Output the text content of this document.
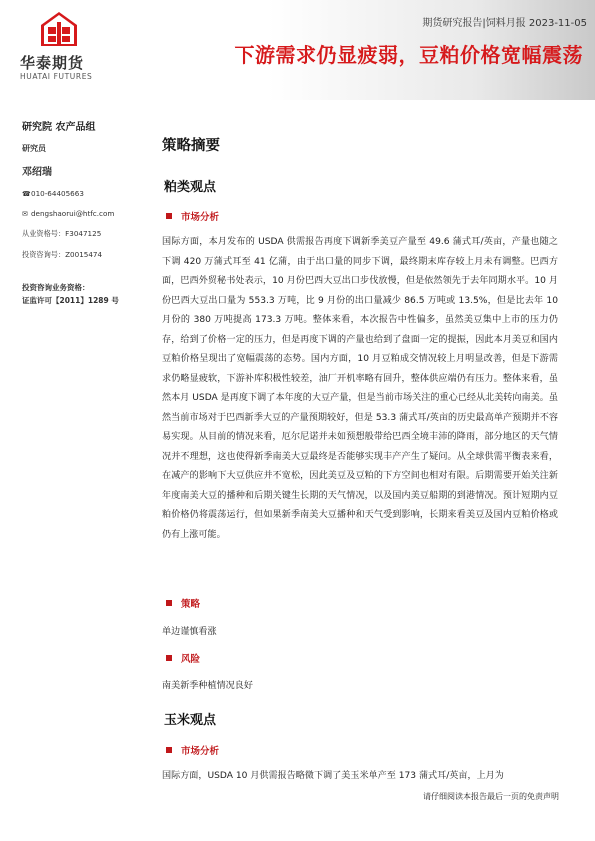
华泰期货
HUATAI FUTURES
期货研究报告|饲料月报 2023-11-05
下游需求仍显疲弱，豆粕价格宽幅震荡
研究院 农产品组
研究员
邓绍瑞
☎ 010-64405663
✉ dengshaorui@htfc.com
从业资格号：F3047125
投资咨询号：Z0015474
投资咨询业务资格：
证监许可【2011】1289 号
策略摘要
粕类观点
市场分析
国际方面，本月发布的 USDA 供需报告再度下调新季美豆产量至 49.6 蒲式耳/英亩，产量也随之下调 420 万蒲式耳至 41 亿蒲，由于出口量的同步下调，最终期末库存较上月未有调整。巴西方面，巴西外贸秘书处表示，10 月份巴西大豆出口步伐放慢，但是依然领先于去年同期水平。10 月份巴西大豆出口量为 553.3 万吨，比 9 月份的出口量减少 86.5 万吨或 13.5%，但是比去年 10 月份的 380 万吨提高 173.3 万吨。整体来看，本次报告中性偏多，虽然美豆集中上市的压力仍存，给到了价格一定的压力，但是再度下调的产量也给到了盘面一定的提振，因此本月美豆和国内豆粕价格呈现出了宽幅震荡的态势。国内方面，10 月豆粕成交情况较上月明显改善，但是下游需求仍略显疲软，下游补库积极性较差，油厂开机率略有回升，整体供应端仍有压力。整体来看，虽然本月 USDA 是再度下调了本年度的大豆产量，但是当前市场关注的重心已经从北美转向南美。虽然当前市场对于巴西新季大豆的产量预期较好，但是 53.3 蒲式耳/英亩的历史最高单产预期并不容易实现。从目前的情况来看，厄尔尼诺并未如预想般带给巴西全境丰沛的降雨，部分地区的天气情况并不理想，这也使得新季南美大豆最终是否能够实现丰产产生了疑问。从全球供需平衡表来看，在减产的影响下大豆供应并不宽松，因此美豆及豆粕的下方空间也相对有限。后期需要开始关注新年度南美大豆的播种和后期关键生长期的天气情况，以及国内美豆船期的到港情况。预计短期内豆粕价格仍将震荡运行，但如果新季南美大豆播种和天气受到影响，长期来看美豆及国内豆粕价格或仍有上涨可能。
策略
单边谨慎看涨
风险
南美新季种植情况良好
玉米观点
市场分析
国际方面，USDA 10 月供需报告略微下调了美玉米单产至 173 蒲式耳/英亩，上月为
请仔细阅读本报告最后一页的免责声明
